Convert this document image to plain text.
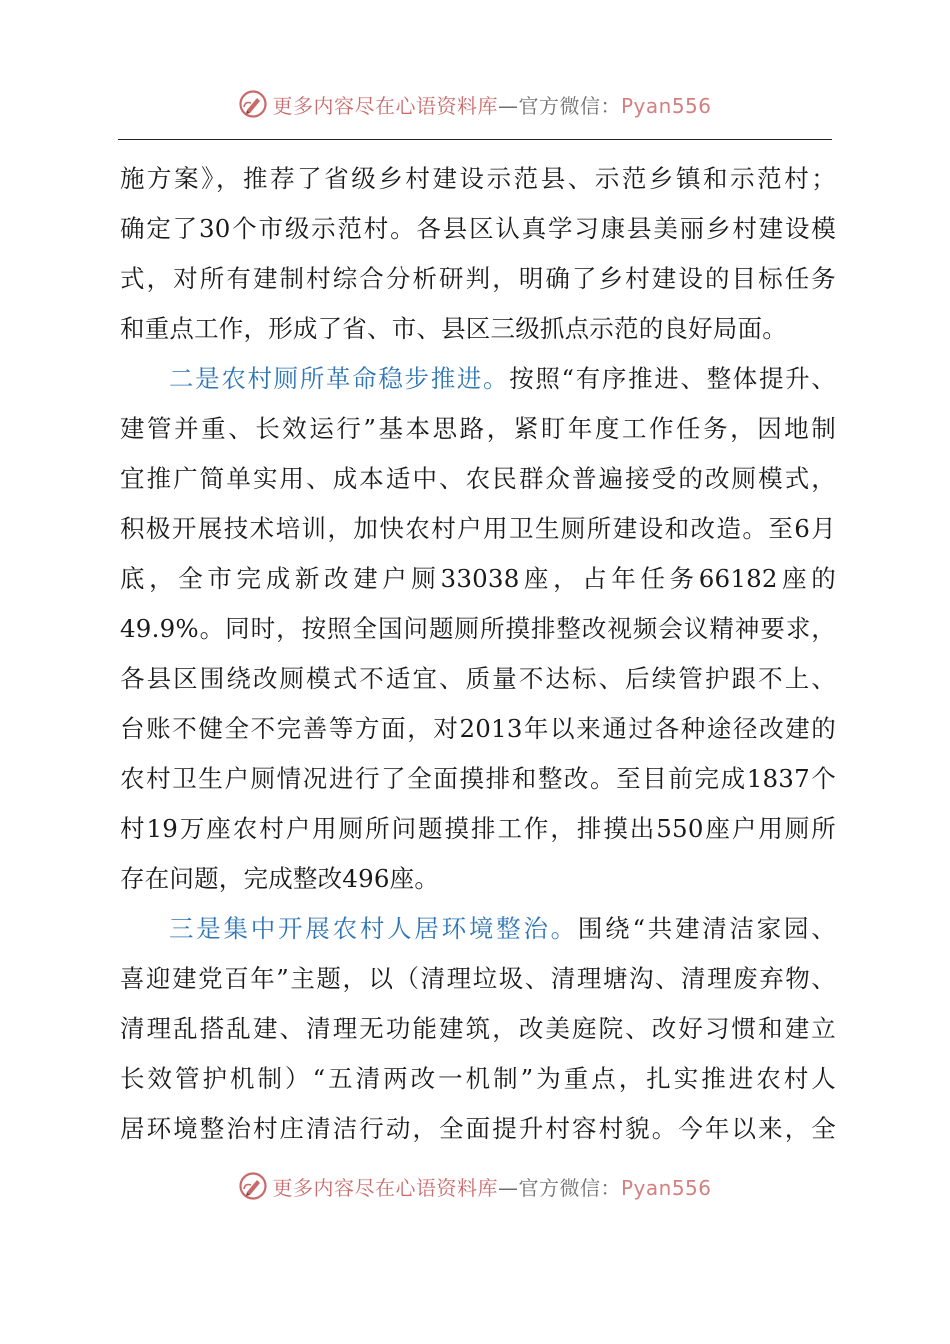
更多内容尽在心语资料库—官方微信：Pyan556
施方案》，推荐了省级乡村建设示范县、示范乡镇和示范村；
确定了30个市级示范村。各县区认真学习康县美丽乡村建设模
式，对所有建制村综合分析研判，明确了乡村建设的目标任务
和重点工作，形成了省、市、县区三级抓点示范的良好局面。
二是农村厕所革命稳步推进。按照“有序推进、整体提升、
建管并重、长效运行”基本思路，紧盯年度工作任务，因地制
宜推广简单实用、成本适中、农民群众普遍接受的改厕模式，
积极开展技术培训，加快农村户用卫生厕所建设和改造。至6月
底，全市完成新改建户厕33038座，占年任务66182座的
49.9%。同时，按照全国问题厕所摸排整改视频会议精神要求，
各县区围绕改厕模式不适宜、质量不达标、后续管护跟不上、
台账不健全不完善等方面，对2013年以来通过各种途径改建的
农村卫生户厕情况进行了全面摸排和整改。至目前完成1837个
村19万座农村户用厕所问题摸排工作，排摸出550座户用厕所
存在问题，完成整改496座。
三是集中开展农村人居环境整治。围绕“共建清洁家园、
喜迎建党百年”主题，以（清理垃圾、清理塘沟、清理废弃物、
清理乱搭乱建、清理无功能建筑，改美庭院、改好习惯和建立
长效管护机制）“五清两改一机制”为重点，扎实推进农村人
居环境整治村庄清洁行动，全面提升村容村貌。今年以来，全
更多内容尽在心语资料库—官方微信：Pyan556
